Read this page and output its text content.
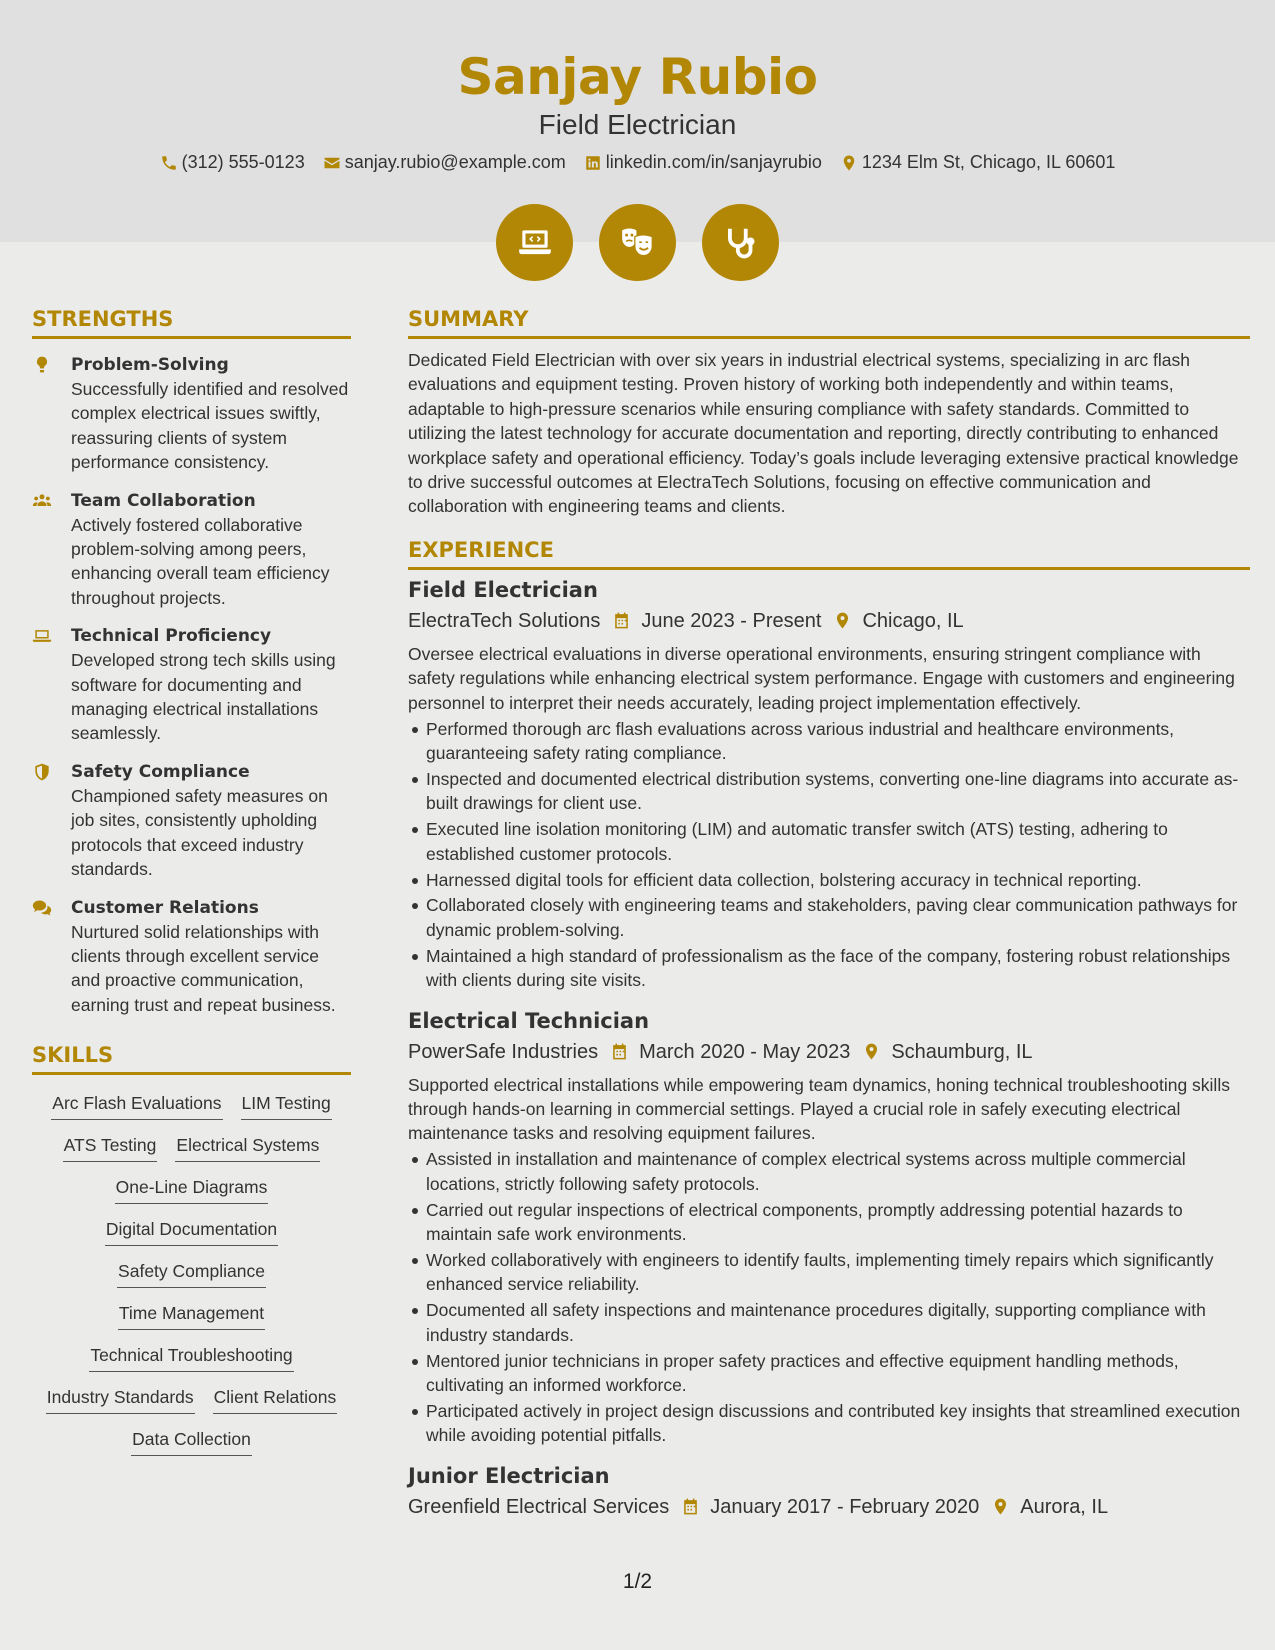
Sanjay Rubio
Field Electrician
(312) 555-0123 sanjay.rubio@example.com linkedin.com/in/sanjayrubio 1234 Elm St, Chicago, IL 60601
STRENGTHS
Problem-Solving
Successfully identified and resolved complex electrical issues swiftly, reassuring clients of system performance consistency.
Team Collaboration
Actively fostered collaborative problem-solving among peers, enhancing overall team efficiency throughout projects.
Technical Proficiency
Developed strong tech skills using software for documenting and managing electrical installations seamlessly.
Safety Compliance
Championed safety measures on job sites, consistently upholding protocols that exceed industry standards.
Customer Relations
Nurtured solid relationships with clients through excellent service and proactive communication, earning trust and repeat business.
SKILLS
Arc Flash Evaluations LIM Testing
ATS Testing Electrical Systems
One-Line Diagrams
Digital Documentation
Safety Compliance
Time Management
Technical Troubleshooting
Industry Standards Client Relations
Data Collection
SUMMARY
Dedicated Field Electrician with over six years in industrial electrical systems, specializing in arc flash evaluations and equipment testing. Proven history of working both independently and within teams, adaptable to high-pressure scenarios while ensuring compliance with safety standards. Committed to utilizing the latest technology for accurate documentation and reporting, directly contributing to enhanced workplace safety and operational efficiency. Today’s goals include leveraging extensive practical knowledge to drive successful outcomes at ElectraTech Solutions, focusing on effective communication and collaboration with engineering teams and clients.
EXPERIENCE
Field Electrician
ElectraTech Solutions June 2023 - Present Chicago, IL
Oversee electrical evaluations in diverse operational environments, ensuring stringent compliance with safety regulations while enhancing electrical system performance. Engage with customers and engineering personnel to interpret their needs accurately, leading project implementation effectively.
Performed thorough arc flash evaluations across various industrial and healthcare environments, guaranteeing safety rating compliance.
Inspected and documented electrical distribution systems, converting one-line diagrams into accurate as-built drawings for client use.
Executed line isolation monitoring (LIM) and automatic transfer switch (ATS) testing, adhering to established customer protocols.
Harnessed digital tools for efficient data collection, bolstering accuracy in technical reporting.
Collaborated closely with engineering teams and stakeholders, paving clear communication pathways for dynamic problem-solving.
Maintained a high standard of professionalism as the face of the company, fostering robust relationships with clients during site visits.
Electrical Technician
PowerSafe Industries March 2020 - May 2023 Schaumburg, IL
Supported electrical installations while empowering team dynamics, honing technical troubleshooting skills through hands-on learning in commercial settings. Played a crucial role in safely executing electrical maintenance tasks and resolving equipment failures.
Assisted in installation and maintenance of complex electrical systems across multiple commercial locations, strictly following safety protocols.
Carried out regular inspections of electrical components, promptly addressing potential hazards to maintain safe work environments.
Worked collaboratively with engineers to identify faults, implementing timely repairs which significantly enhanced service reliability.
Documented all safety inspections and maintenance procedures digitally, supporting compliance with industry standards.
Mentored junior technicians in proper safety practices and effective equipment handling methods, cultivating an informed workforce.
Participated actively in project design discussions and contributed key insights that streamlined execution while avoiding potential pitfalls.
Junior Electrician
Greenfield Electrical Services January 2017 - February 2020 Aurora, IL
1/2
